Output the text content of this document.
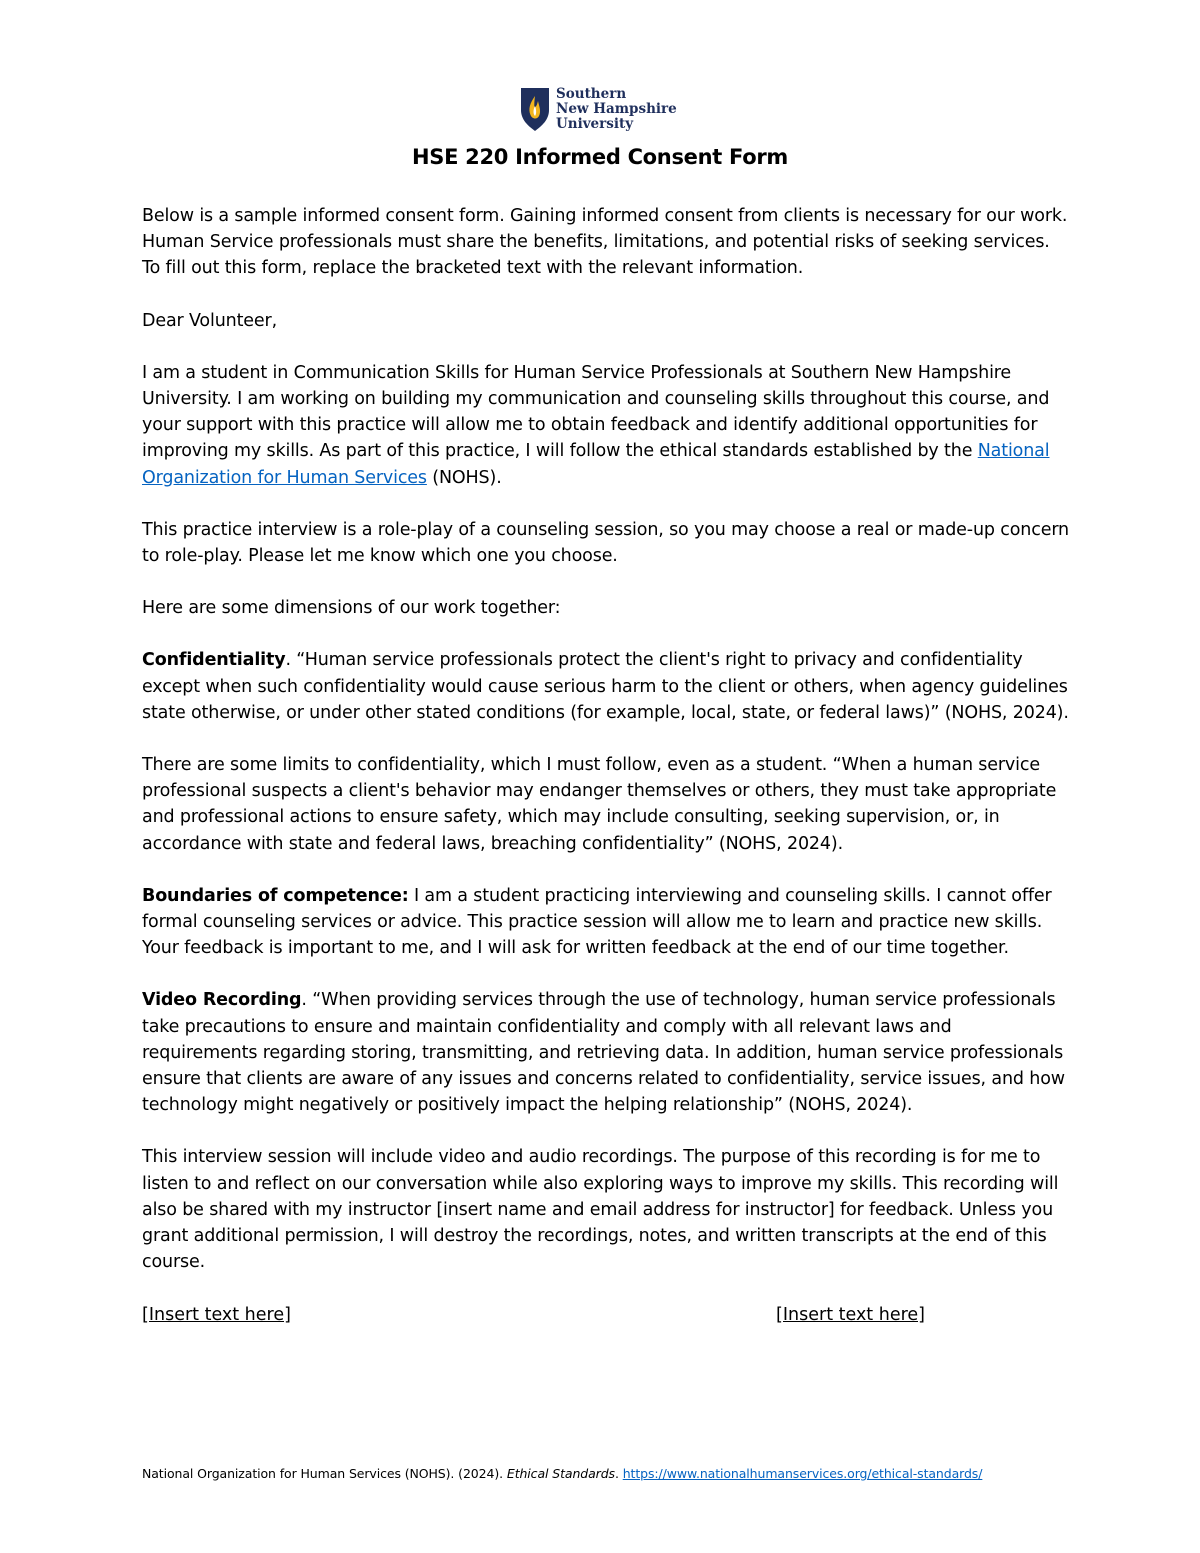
Southern
New Hampshire
University
HSE 220 Informed Consent Form

Below is a sample informed consent form. Gaining informed consent from clients is necessary for our work. Human Service professionals must share the benefits, limitations, and potential risks of seeking services. To fill out this form, replace the bracketed text with the relevant information.

Dear Volunteer,

I am a student in Communication Skills for Human Service Professionals at Southern New Hampshire University. I am working on building my communication and counseling skills throughout this course, and your support with this practice will allow me to obtain feedback and identify additional opportunities for improving my skills. As part of this practice, I will follow the ethical standards established by the National Organization for Human Services (NOHS).

This practice interview is a role-play of a counseling session, so you may choose a real or made-up concern to role-play. Please let me know which one you choose.

Here are some dimensions of our work together:

Confidentiality. “Human service professionals protect the client's right to privacy and confidentiality except when such confidentiality would cause serious harm to the client or others, when agency guidelines state otherwise, or under other stated conditions (for example, local, state, or federal laws)” (NOHS, 2024).

There are some limits to confidentiality, which I must follow, even as a student. “When a human service professional suspects a client's behavior may endanger themselves or others, they must take appropriate and professional actions to ensure safety, which may include consulting, seeking supervision, or, in accordance with state and federal laws, breaching confidentiality” (NOHS, 2024).

Boundaries of competence: I am a student practicing interviewing and counseling skills. I cannot offer formal counseling services or advice. This practice session will allow me to learn and practice new skills. Your feedback is important to me, and I will ask for written feedback at the end of our time together.

Video Recording. “When providing services through the use of technology, human service professionals take precautions to ensure and maintain confidentiality and comply with all relevant laws and requirements regarding storing, transmitting, and retrieving data. In addition, human service professionals ensure that clients are aware of any issues and concerns related to confidentiality, service issues, and how technology might negatively or positively impact the helping relationship” (NOHS, 2024).

This interview session will include video and audio recordings. The purpose of this recording is for me to listen to and reflect on our conversation while also exploring ways to improve my skills. This recording will also be shared with my instructor [insert name and email address for instructor] for feedback. Unless you grant additional permission, I will destroy the recordings, notes, and written transcripts at the end of this course.

[Insert text here]	[Insert text here]
National Organization for Human Services (NOHS). (2024). Ethical Standards. https://www.nationalhumanservices.org/ethical-standards/
